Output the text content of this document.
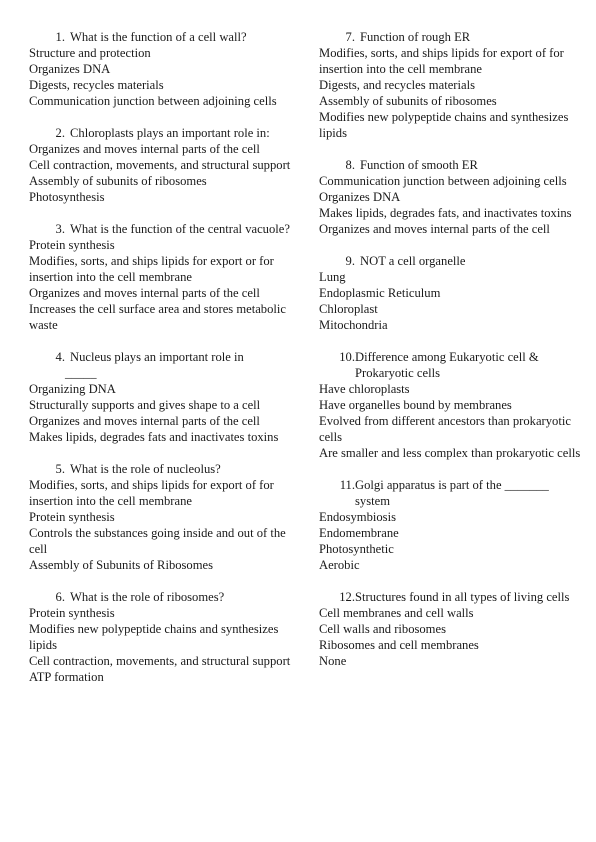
1. What is the function of a cell wall?
Structure and protection
Organizes DNA
Digests, recycles materials
Communication junction between adjoining cells
2. Chloroplasts plays an important role in:
Organizes and moves internal parts of the cell
Cell contraction, movements, and structural support
Assembly of subunits of ribosomes
Photosynthesis
3. What is the function of the central vacuole?
Protein synthesis
Modifies, sorts, and ships lipids for export or for insertion into the cell membrane
Organizes and moves internal parts of the cell
Increases the cell surface area and stores metabolic waste
4. Nucleus plays an important role in
_____
Organizing DNA
Structurally supports and gives shape to a cell
Organizes and moves internal parts of the cell
Makes lipids, degrades fats and inactivates toxins
5. What is the role of nucleolus?
Modifies, sorts, and ships lipids for export of for insertion into the cell membrane
Protein synthesis
Controls the substances going inside and out of the cell
Assembly of Subunits of Ribosomes
6. What is the role of ribosomes?
Protein synthesis
Modifies new polypeptide chains and synthesizes lipids
Cell contraction, movements, and structural support
ATP formation
7. Function of rough ER
Modifies, sorts, and ships lipids for export of for insertion into the cell membrane
Digests, and recycles materials
Assembly of subunits of ribosomes
Modifies new polypeptide chains and synthesizes lipids
8. Function of smooth ER
Communication junction between adjoining cells
Organizes DNA
Makes lipids, degrades fats, and inactivates toxins
Organizes and moves internal parts of the cell
9. NOT a cell organelle
Lung
Endoplasmic Reticulum
Chloroplast
Mitochondria
10. Difference among Eukaryotic cell & Prokaryotic cells
Have chloroplasts
Have organelles bound by membranes
Evolved from different ancestors than prokaryotic cells
Are smaller and less complex than prokaryotic cells
11. Golgi apparatus is part of the _______ system
Endosymbiosis
Endomembrane
Photosynthetic
Aerobic
12. Structures found in all types of living cells
Cell membranes and cell walls
Cell walls and ribosomes
Ribosomes and cell membranes
None
